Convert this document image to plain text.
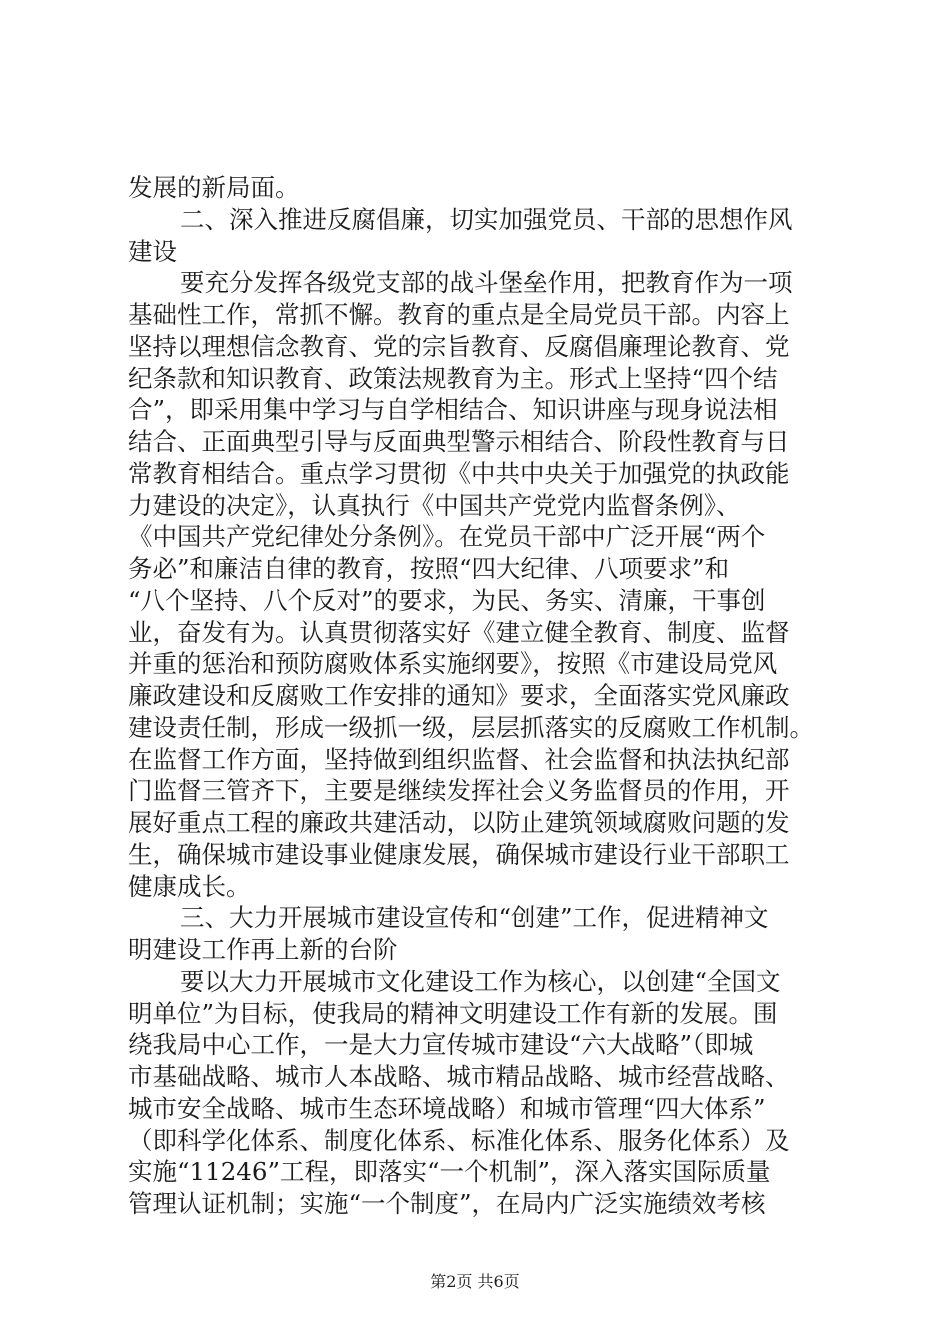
发展的新局面。
二、深入推进反腐倡廉，切实加强党员、干部的思想作风
建设
要充分发挥各级党支部的战斗堡垒作用，把教育作为一项
基础性工作，常抓不懈。教育的重点是全局党员干部。内容上
坚持以理想信念教育、党的宗旨教育、反腐倡廉理论教育、党
纪条款和知识教育、政策法规教育为主。形式上坚持“四个结
合”，即采用集中学习与自学相结合、知识讲座与现身说法相
结合、正面典型引导与反面典型警示相结合、阶段性教育与日
常教育相结合。重点学习贯彻《中共中央关于加强党的执政能
力建设的决定》，认真执行《中国共产党党内监督条例》、
《中国共产党纪律处分条例》。在党员干部中广泛开展“两个
务必”和廉洁自律的教育，按照“四大纪律、八项要求”和
“八个坚持、八个反对”的要求，为民、务实、清廉，干事创
业，奋发有为。认真贯彻落实好《建立健全教育、制度、监督
并重的惩治和预防腐败体系实施纲要》，按照《市建设局党风
廉政建设和反腐败工作安排的通知》要求，全面落实党风廉政
建设责任制，形成一级抓一级，层层抓落实的反腐败工作机制。
在监督工作方面，坚持做到组织监督、社会监督和执法执纪部
门监督三管齐下，主要是继续发挥社会义务监督员的作用，开
展好重点工程的廉政共建活动，以防止建筑领域腐败问题的发
生，确保城市建设事业健康发展，确保城市建设行业干部职工
健康成长。
三、大力开展城市建设宣传和“创建”工作，促进精神文
明建设工作再上新的台阶
要以大力开展城市文化建设工作为核心，以创建“全国文
明单位”为目标，使我局的精神文明建设工作有新的发展。围
绕我局中心工作，一是大力宣传城市建设“六大战略”（即城
市基础战略、城市人本战略、城市精品战略、城市经营战略、
城市安全战略、城市生态环境战略）和城市管理“四大体系”
（即科学化体系、制度化体系、标准化体系、服务化体系）及
实施“11246”工程，即落实“一个机制”，深入落实国际质量
管理认证机制；实施“一个制度”，在局内广泛实施绩效考核
第2页 共6页
